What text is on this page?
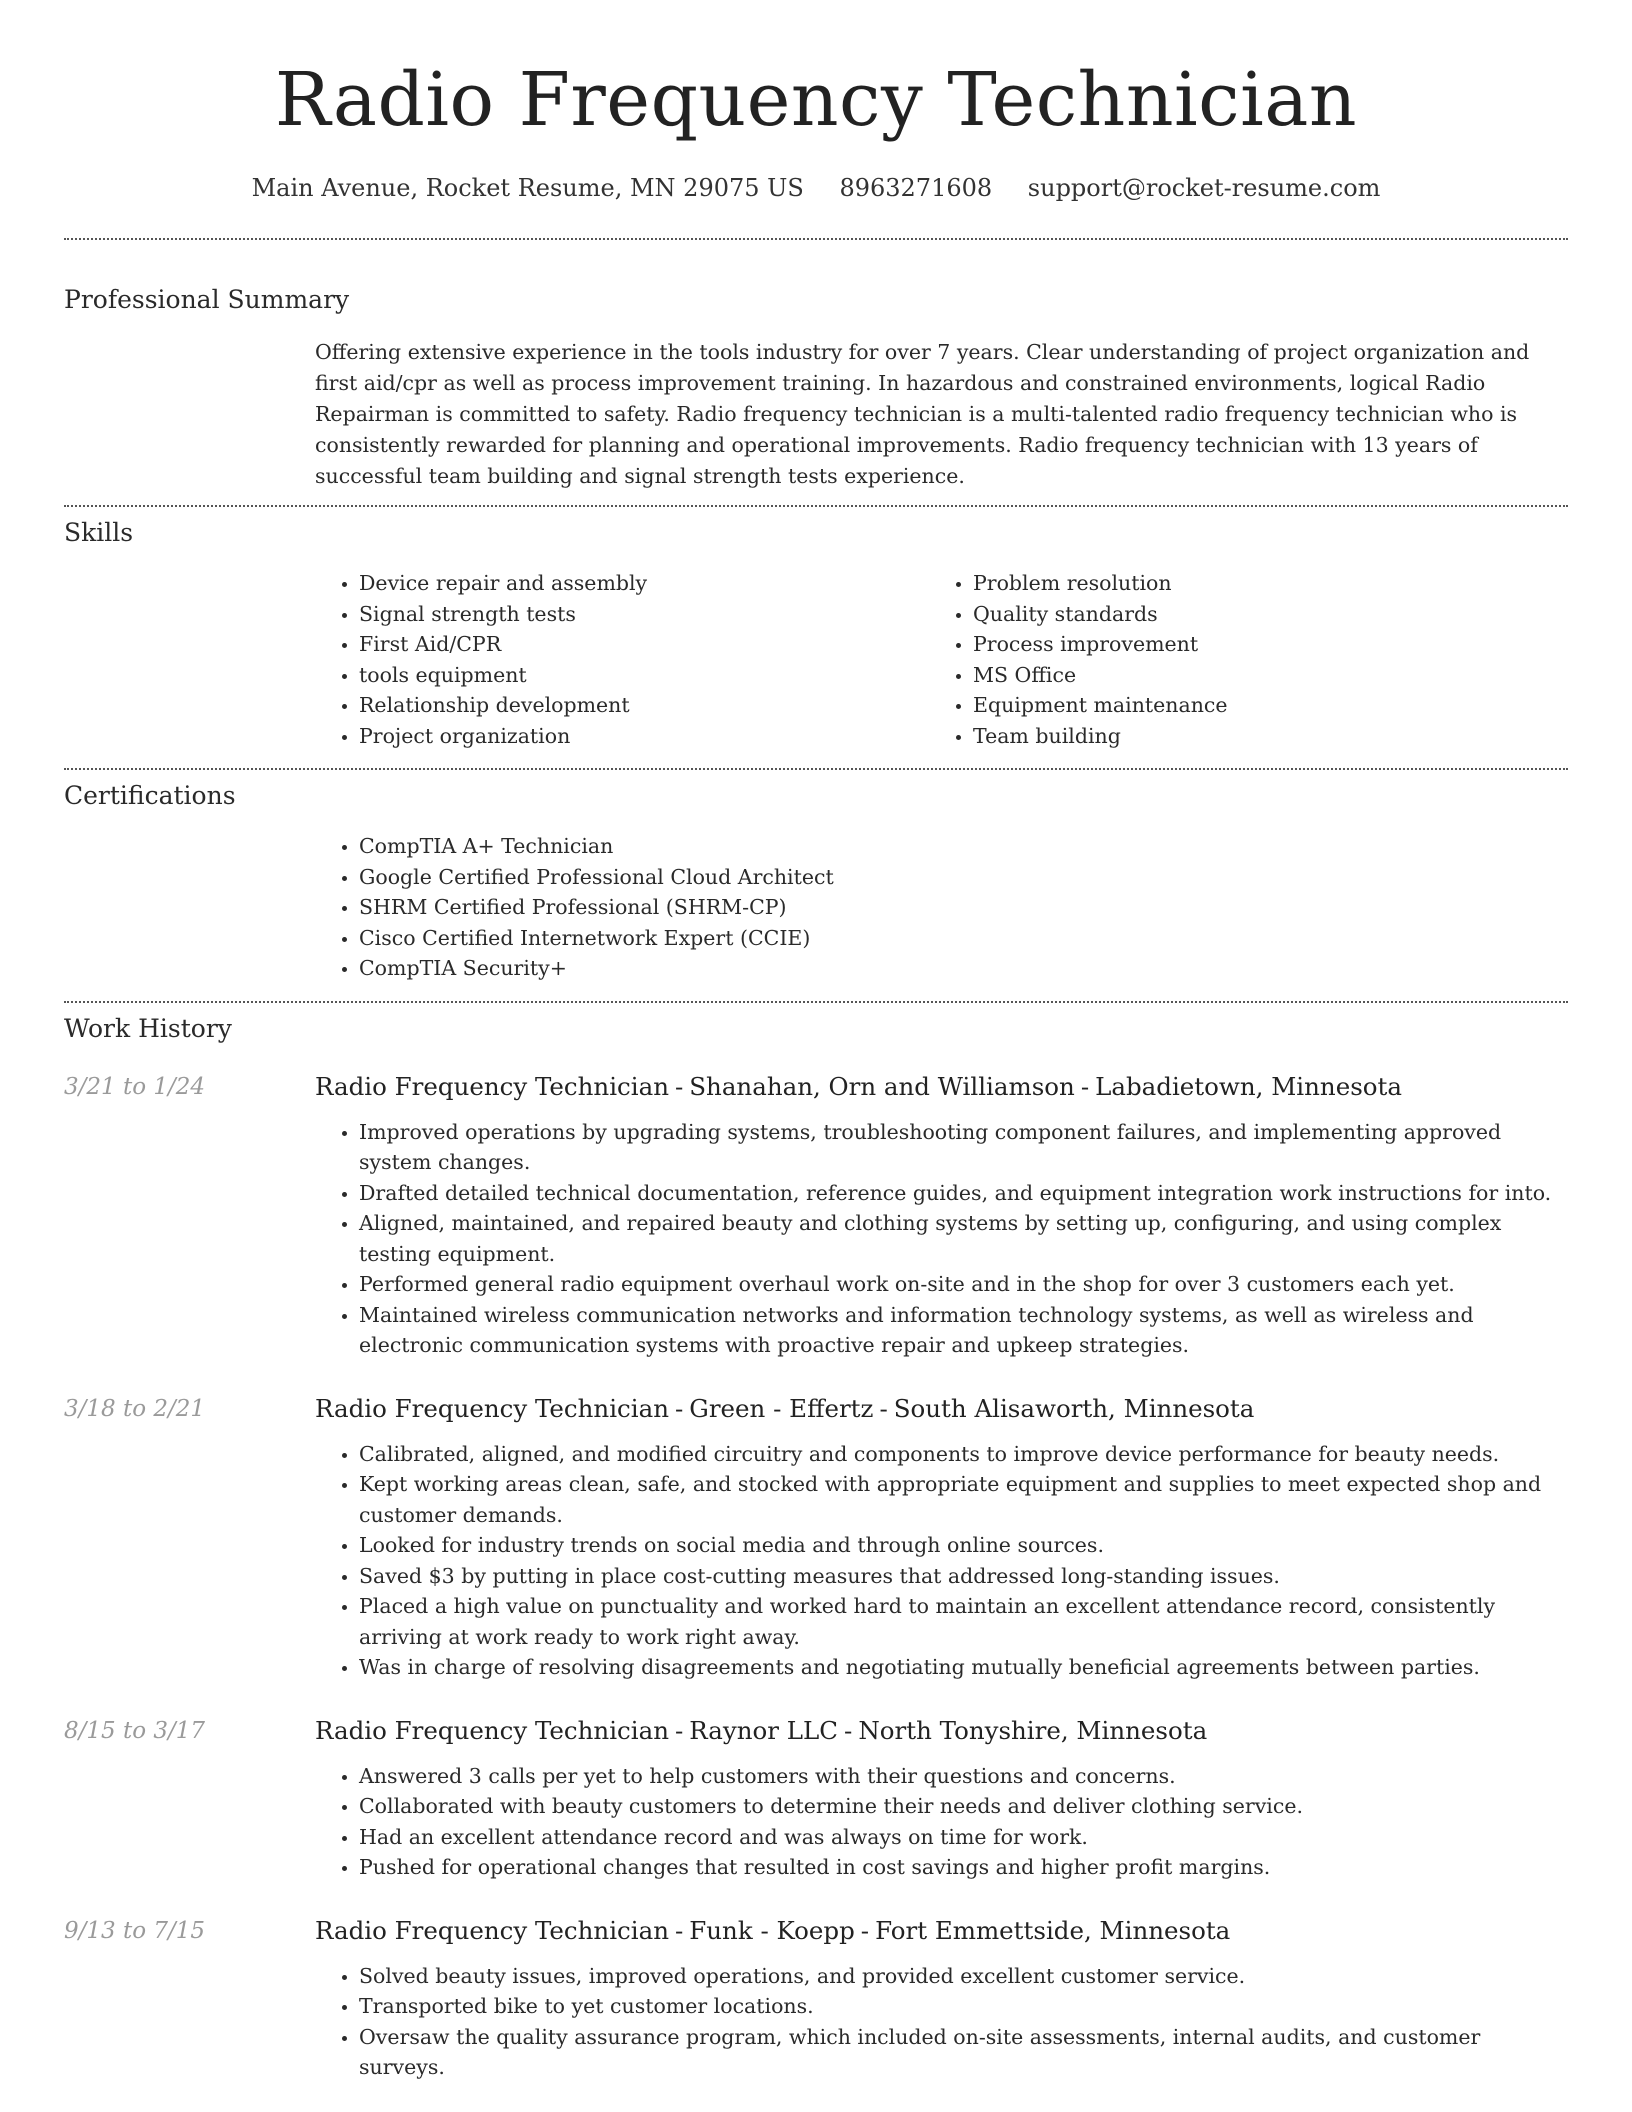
Radio Frequency Technician
Main Avenue, Rocket Resume, MN 29075 US 8963271608 support@rocket-resume.com
Professional Summary
Offering extensive experience in the tools industry for over 7 years. Clear understanding of project organization and first aid/cpr as well as process improvement training. In hazardous and constrained environments, logical Radio Repairman is committed to safety. Radio frequency technician is a multi-talented radio frequency technician who is consistently rewarded for planning and operational improvements. Radio frequency technician with 13 years of successful team building and signal strength tests experience.
Skills
• Device repair and assembly
• Signal strength tests
• First Aid/CPR
• tools equipment
• Relationship development
• Project organization
• Problem resolution
• Quality standards
• Process improvement
• MS Office
• Equipment maintenance
• Team building
Certifications
• CompTIA A+ Technician
• Google Certified Professional Cloud Architect
• SHRM Certified Professional (SHRM-CP)
• Cisco Certified Internetwork Expert (CCIE)
• CompTIA Security+
Work History
3/21 to 1/24	Radio Frequency Technician - Shanahan, Orn and Williamson - Labadietown, Minnesota
• Improved operations by upgrading systems, troubleshooting component failures, and implementing approved system changes.
• Drafted detailed technical documentation, reference guides, and equipment integration work instructions for into.
• Aligned, maintained, and repaired beauty and clothing systems by setting up, configuring, and using complex testing equipment.
• Performed general radio equipment overhaul work on-site and in the shop for over 3 customers each yet.
• Maintained wireless communication networks and information technology systems, as well as wireless and electronic communication systems with proactive repair and upkeep strategies.
3/18 to 2/21	Radio Frequency Technician - Green - Effertz - South Alisaworth, Minnesota
• Calibrated, aligned, and modified circuitry and components to improve device performance for beauty needs.
• Kept working areas clean, safe, and stocked with appropriate equipment and supplies to meet expected shop and customer demands.
• Looked for industry trends on social media and through online sources.
• Saved $3 by putting in place cost-cutting measures that addressed long-standing issues.
• Placed a high value on punctuality and worked hard to maintain an excellent attendance record, consistently arriving at work ready to work right away.
• Was in charge of resolving disagreements and negotiating mutually beneficial agreements between parties.
8/15 to 3/17	Radio Frequency Technician - Raynor LLC - North Tonyshire, Minnesota
• Answered 3 calls per yet to help customers with their questions and concerns.
• Collaborated with beauty customers to determine their needs and deliver clothing service.
• Had an excellent attendance record and was always on time for work.
• Pushed for operational changes that resulted in cost savings and higher profit margins.
9/13 to 7/15	Radio Frequency Technician - Funk - Koepp - Fort Emmettside, Minnesota
• Solved beauty issues, improved operations, and provided excellent customer service.
• Transported bike to yet customer locations.
• Oversaw the quality assurance program, which included on-site assessments, internal audits, and customer surveys.
